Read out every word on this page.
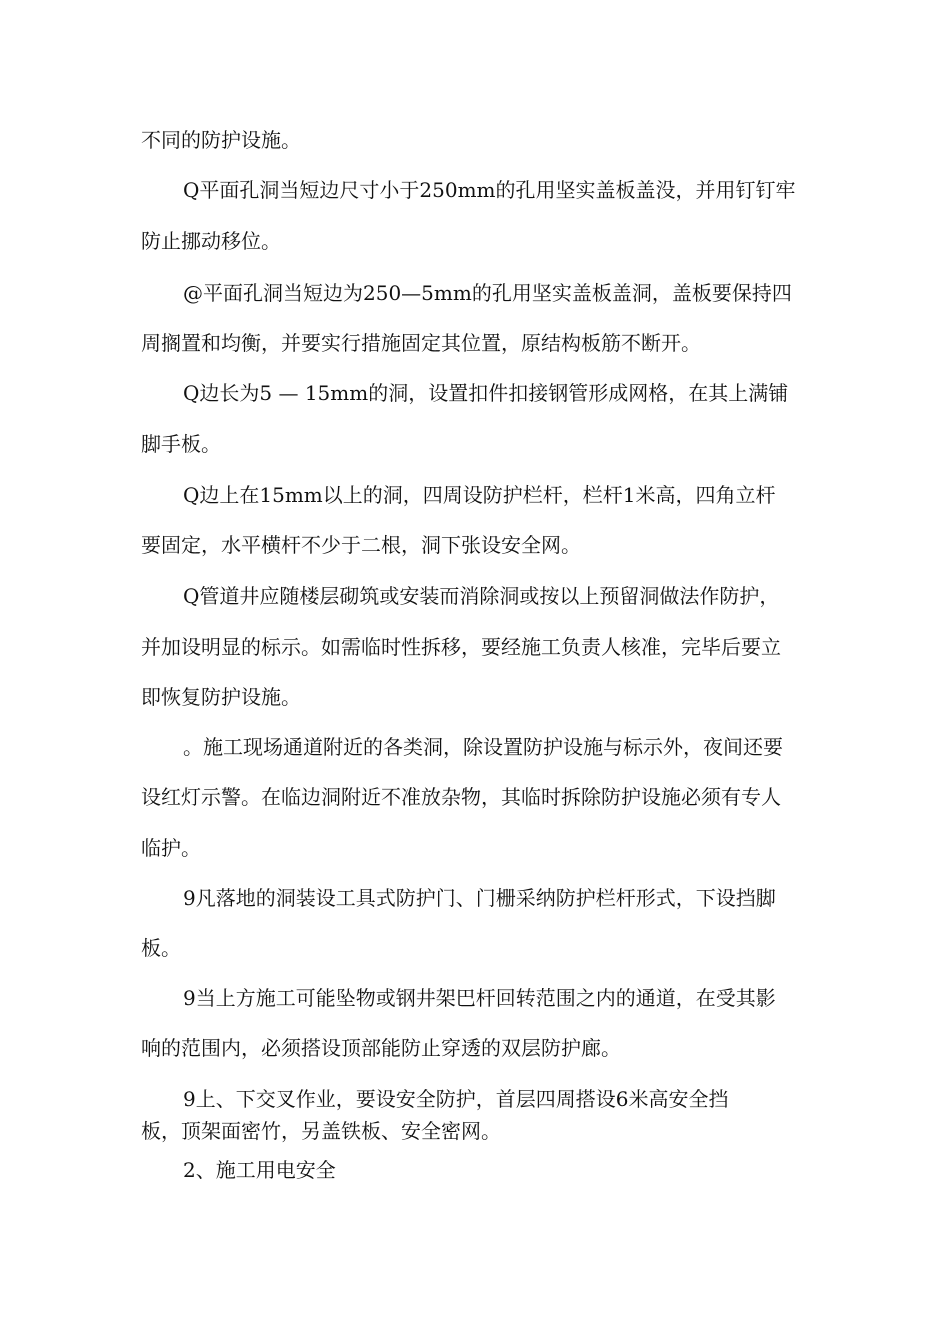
不同的防护设施。

Q平面孔洞当短边尺寸小于250mm的孔用坚实盖板盖没，并用钉钉牢

防止挪动移位。

@平面孔洞当短边为250—5mm的孔用坚实盖板盖洞，盖板要保持四

周搁置和均衡，并要实行措施固定其位置，原结构板筋不断开。

Q边长为5 — 15mm的洞，设置扣件扣接钢管形成网格，在其上满铺

脚手板。

Q边上在15mm以上的洞，四周设防护栏杆，栏杆1米高，四角立杆

要固定，水平横杆不少于二根，洞下张设安全网。

Q管道井应随楼层砌筑或安装而消除洞或按以上预留洞做法作防护，

并加设明显的标示。如需临时性拆移，要经施工负责人核准，完毕后要立

即恢复防护设施。

。施工现场通道附近的各类洞，除设置防护设施与标示外，夜间还要

设红灯示警。在临边洞附近不准放杂物，其临时拆除防护设施必须有专人

临护。

9凡落地的洞装设工具式防护门、门栅采纳防护栏杆形式，下设挡脚

板。

9当上方施工可能坠物或钢井架巴杆回转范围之内的通道，在受其影

响的范围内，必须搭设顶部能防止穿透的双层防护廊。

9上、下交叉作业，要设安全防护，首层四周搭设6米高安全挡

板，顶架面密竹，另盖铁板、安全密网。

2、施工用电安全
